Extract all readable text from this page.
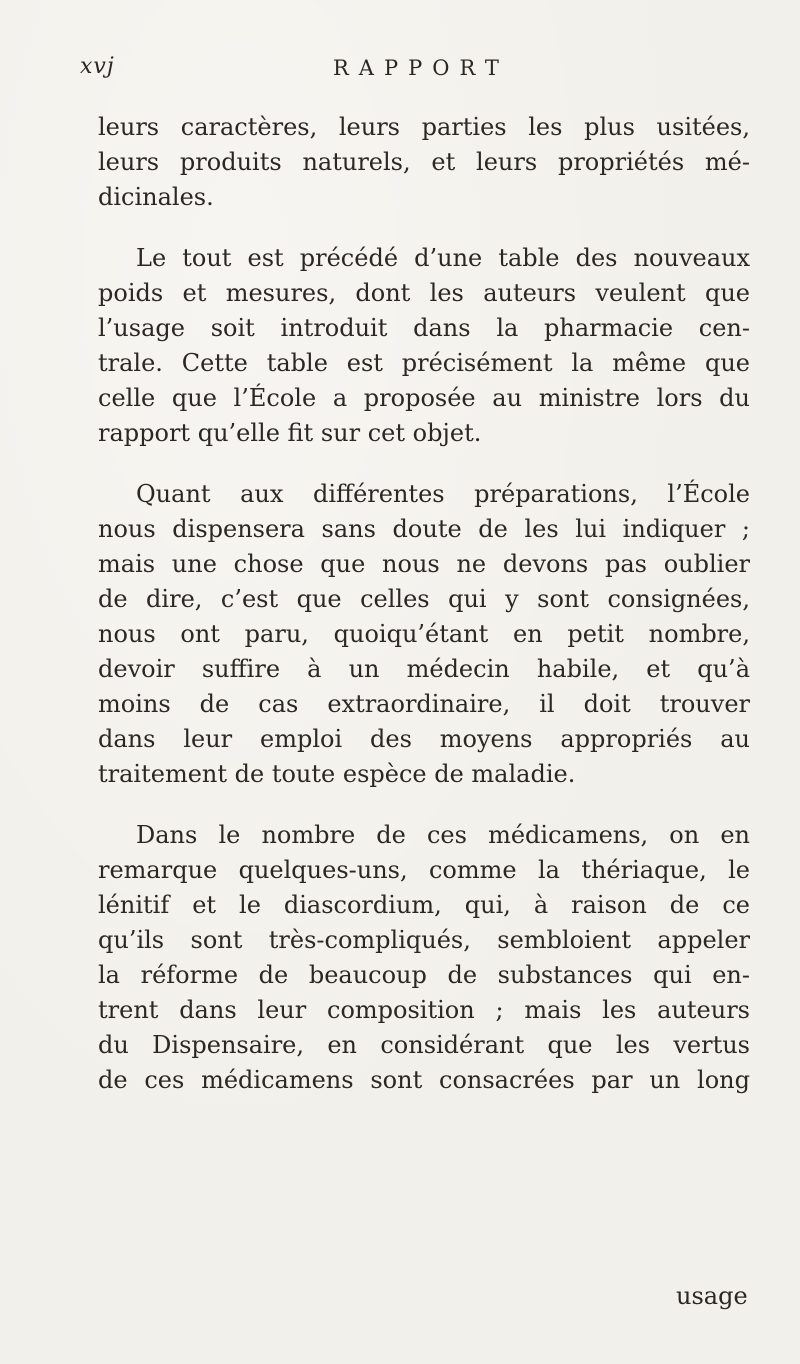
xvj	RAPPORT
leurs caractères, leurs parties les plus usitées,
leurs produits naturels, et leurs propriétés mé-
dicinales.
Le tout est précédé d’une table des nouveaux
poids et mesures, dont les auteurs veulent que
l’usage soit introduit dans la pharmacie cen-
trale. Cette table est précisément la même que
celle que l’École a proposée au ministre lors du
rapport qu’elle fit sur cet objet.
Quant aux différentes préparations, l’École
nous dispensera sans doute de les lui indiquer ;
mais une chose que nous ne devons pas oublier
de dire, c’est que celles qui y sont consignées,
nous ont paru, quoiqu’étant en petit nombre,
devoir suffire à un médecin habile, et qu’à
moins de cas extraordinaire, il doit trouver
dans leur emploi des moyens appropriés au
traitement de toute espèce de maladie.
Dans le nombre de ces médicamens, on en
remarque quelques-uns, comme la thériaque, le
lénitif et le diascordium, qui, à raison de ce
qu’ils sont très-compliqués, sembloient appeler
la réforme de beaucoup de substances qui en-
trent dans leur composition ; mais les auteurs
du Dispensaire, en considérant que les vertus
de ces médicamens sont consacrées par un long
usage
